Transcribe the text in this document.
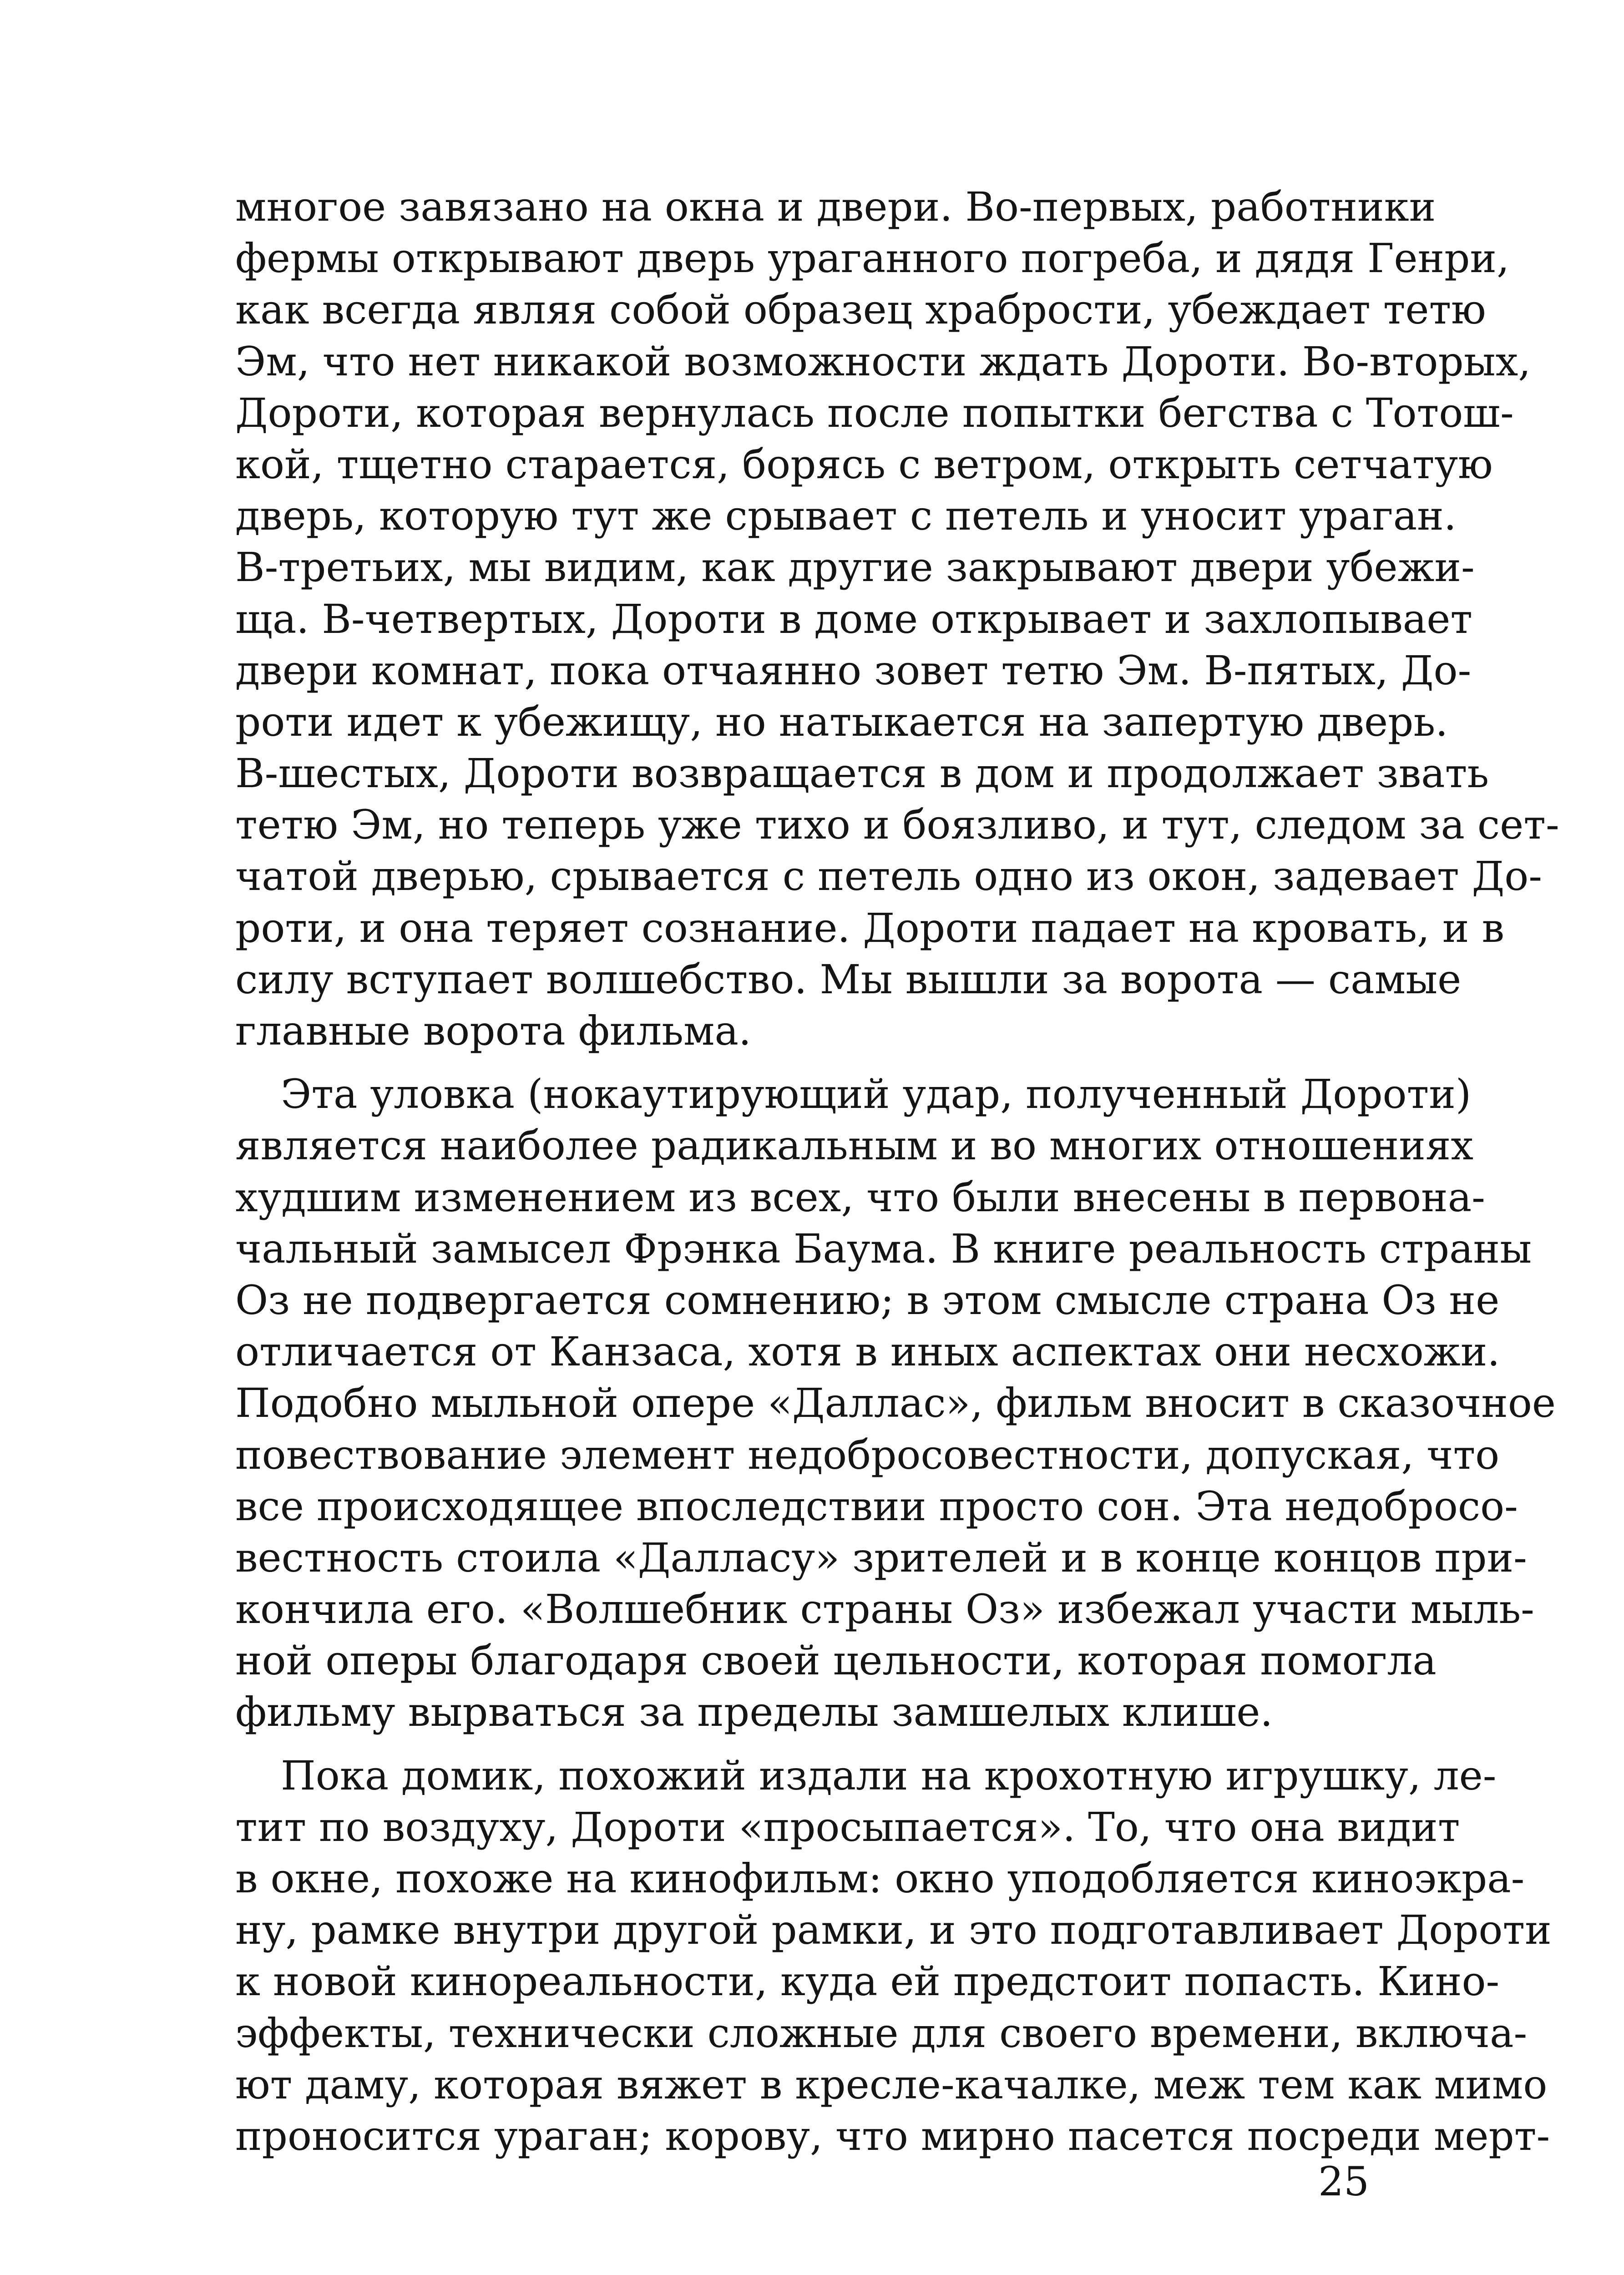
многое завязано на окна и двери. Во-первых, работники
фермы открывают дверь ураганного погреба, и дядя Генри,
как всегда являя собой образец храбрости, убеждает тетю
Эм, что нет никакой возможности ждать Дороти. Во-вторых,
Дороти, которая вернулась после попытки бегства с Тотош-
кой, тщетно старается, борясь с ветром, открыть сетчатую
дверь, которую тут же срывает с петель и уносит ураган.
В-третьих, мы видим, как другие закрывают двери убежи-
ща. В-четвертых, Дороти в доме открывает и захлопывает
двери комнат, пока отчаянно зовет тетю Эм. В-пятых, До-
роти идет к убежищу, но натыкается на запертую дверь.
В-шестых, Дороти возвращается в дом и продолжает звать
тетю Эм, но теперь уже тихо и боязливо, и тут, следом за сет-
чатой дверью, срывается с петель одно из окон, задевает До-
роти, и она теряет сознание. Дороти падает на кровать, и в
силу вступает волшебство. Мы вышли за ворота — самые
главные ворота фильма.
Эта уловка (нокаутирующий удар, полученный Дороти)
является наиболее радикальным и во многих отношениях
худшим изменением из всех, что были внесены в первона-
чальный замысел Фрэнка Баума. В книге реальность страны
Оз не подвергается сомнению; в этом смысле страна Оз не
отличается от Канзаса, хотя в иных аспектах они несхожи.
Подобно мыльной опере «Даллас», фильм вносит в сказочное
повествование элемент недобросовестности, допуская, что
все происходящее впоследствии просто сон. Эта недобросо-
вестность стоила «Далласу» зрителей и в конце концов при-
кончила его. «Волшебник страны Оз» избежал участи мыль-
ной оперы благодаря своей цельности, которая помогла
фильму вырваться за пределы замшелых клише.
Пока домик, похожий издали на крохотную игрушку, ле-
тит по воздуху, Дороти «просыпается». То, что она видит
в окне, похоже на кинофильм: окно уподобляется киноэкра-
ну, рамке внутри другой рамки, и это подготавливает Дороти
к новой кинореальности, куда ей предстоит попасть. Кино-
эффекты, технически сложные для своего времени, включа-
ют даму, которая вяжет в кресле-качалке, меж тем как мимо
проносится ураган; корову, что мирно пасется посреди мерт-
25
